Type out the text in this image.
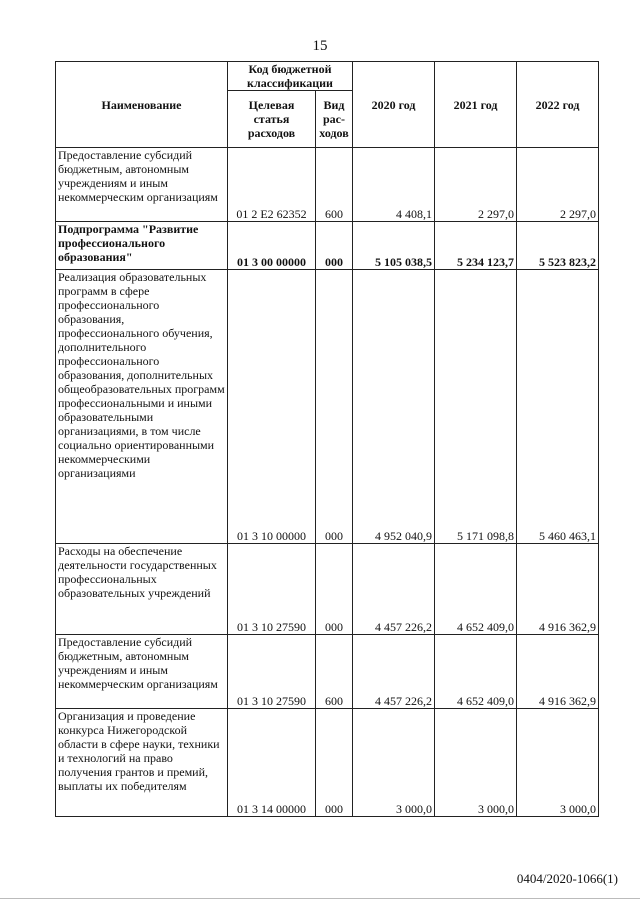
15
Наименование	Код бюджетной классификации		2020 год	2021 год	2022 год
	Целевая статья расходов	Вид рас-ходов			
Предоставление субсидий бюджетным, автономным учреждениям и иным некоммерческим организациям	01 2 E2 62352	600	4 408,1	2 297,0	2 297,0
Подпрограмма "Развитие профессионального образования"	01 3 00 00000	000	5 105 038,5	5 234 123,7	5 523 823,2
Реализация образовательных программ в сфере профессионального образования, профессионального обучения, дополнительного профессионального образования, дополнительных общеобразовательных программ профессиональными и иными образовательными организациями, в том числе социально ориентированными некоммерческими организациями	01 3 10 00000	000	4 952 040,9	5 171 098,8	5 460 463,1
Расходы на обеспечение деятельности государственных профессиональных образовательных учреждений	01 3 10 27590	000	4 457 226,2	4 652 409,0	4 916 362,9
Предоставление субсидий бюджетным, автономным учреждениям и иным некоммерческим организациям	01 3 10 27590	600	4 457 226,2	4 652 409,0	4 916 362,9
Организация и проведение конкурса Нижегородской области в сфере науки, техники и технологий на право получения грантов и премий, выплаты их победителям	01 3 14 00000	000	3 000,0	3 000,0	3 000,0
0404/2020-1066(1)
